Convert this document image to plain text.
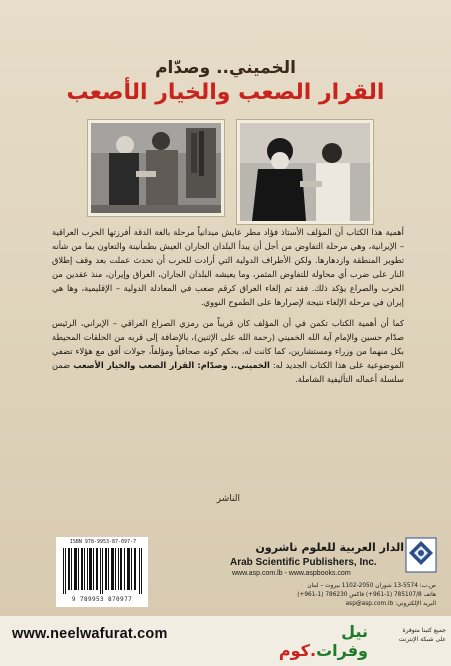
الخميني.. وصدّام
القرار الصعب والخيار الأصعب

أهمية هذا الكتاب أن المؤلف الأستاذ فؤاد مطر عايش ميدانياً مرحلة بالغة الدقة أفرزتها الحرب العراقية – الإيرانية، وهي مرحلة التفاوض من أجل أن يبدأ البلدان الجاران العيش بطمأنينة والتعاون بما من شأنه تطوير المنطقة وازدهارها. ولكن الأطراف الدولية التي أرادت للحرب أن تحدث عملت بعد وقف إطلاق النار على ضرب أي محاولة للتفاوض المثمر، وما يعيشه البلدان الجاران، العراق وإيران، منذ عقدين من الحرب والصراع يؤكد ذلك. فقد تم إلغاء العراق كرقم صعب في المعادلة الدولية – الإقليمية، وها هي إيران في مرحلة الإلغاء نتيجة لإصرارها على الطموح النووي.

كما أن أهمية الكتاب تكمن في أن المؤلف كان قريباً من رمزي الصراع العراقي – الإيراني، الرئيس صدّام حسين والإمام آية الله الخميني (رحمة الله على الإثنين)، بالإضافة إلى قربه من الحلقات المحيطة بكل منهما من وزراء ومستشارين، كما كانت له، بحكم كونه صحافياً ومؤلفاً، جولات أفق مع هؤلاء تضفي الموضوعية على هذا الكتاب الجديد له: الخميني.. وصدّام: القرار الصعب والخيار الأصعب ضمن سلسلة أعماله التأليفية الشاملة.

الناشر
ISBN 978-9953-87-097-7
9 789953 870977
الدار العربية للعلوم ناشرون
Arab Scientific Publishers, Inc.
www.asp.com.lb - www.aspbooks.com
ص.ب: 5574-13 شوران 2050-1102 بيروت – لبنان
هاتف 785107/8 (1-961+) فاكس 786230 (1-961+)
البريد الإلكتروني: asp@asp.com.lb
www.neelwafurat.com	نيل وفرات.كوم
جميع كتبنا متوفرة
على شبكة الإنترنت
